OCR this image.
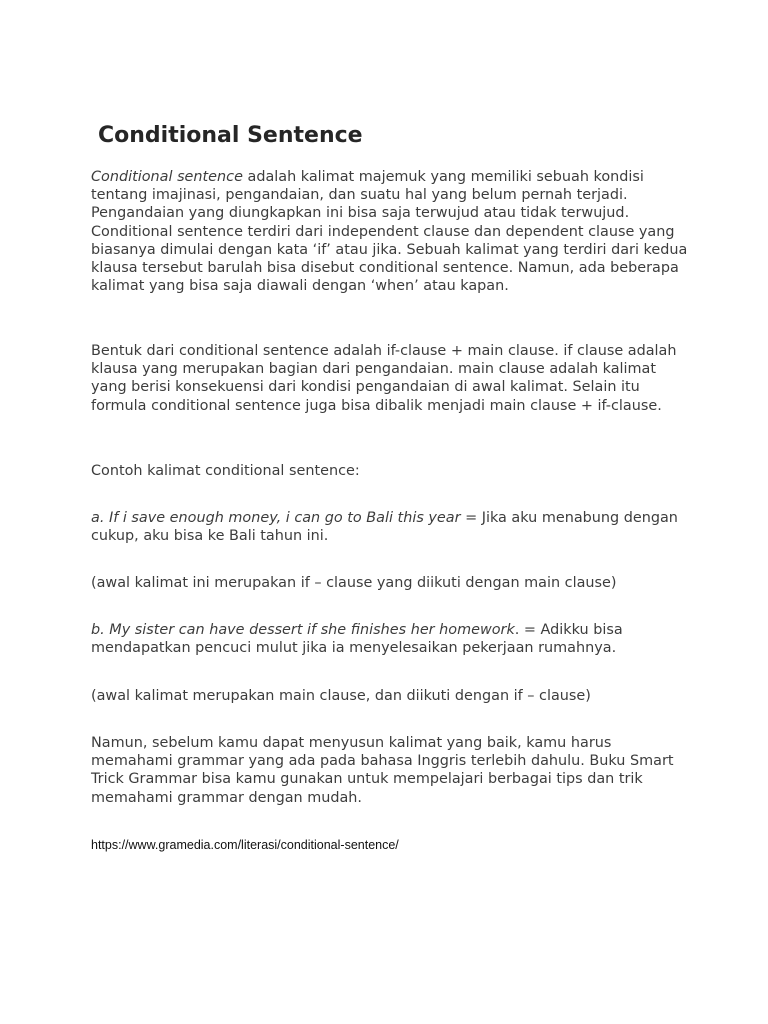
Conditional Sentence

Conditional sentence adalah kalimat majemuk yang memiliki sebuah kondisi tentang imajinasi, pengandaian, dan suatu hal yang belum pernah terjadi. Pengandaian yang diungkapkan ini bisa saja terwujud atau tidak terwujud. Conditional sentence terdiri dari independent clause dan dependent clause yang biasanya dimulai dengan kata ‘if’ atau jika. Sebuah kalimat yang terdiri dari kedua klausa tersebut barulah bisa disebut conditional sentence. Namun, ada beberapa kalimat yang bisa saja diawali dengan ‘when’ atau kapan.

Bentuk dari conditional sentence adalah if-clause + main clause. if clause adalah klausa yang merupakan bagian dari pengandaian. main clause adalah kalimat yang berisi konsekuensi dari kondisi pengandaian di awal kalimat. Selain itu formula conditional sentence juga bisa dibalik menjadi main clause + if-clause.

Contoh kalimat conditional sentence:

a. If i save enough money, i can go to Bali this year = Jika aku menabung dengan cukup, aku bisa ke Bali tahun ini.

(awal kalimat ini merupakan if – clause yang diikuti dengan main clause)

b. My sister can have dessert if she finishes her homework. = Adikku bisa mendapatkan pencuci mulut jika ia menyelesaikan pekerjaan rumahnya.

(awal kalimat merupakan main clause, dan diikuti dengan if – clause)

Namun, sebelum kamu dapat menyusun kalimat yang baik, kamu harus memahami grammar yang ada pada bahasa Inggris terlebih dahulu. Buku Smart Trick Grammar bisa kamu gunakan untuk mempelajari berbagai tips dan trik memahami grammar dengan mudah.

https://www.gramedia.com/literasi/conditional-sentence/
